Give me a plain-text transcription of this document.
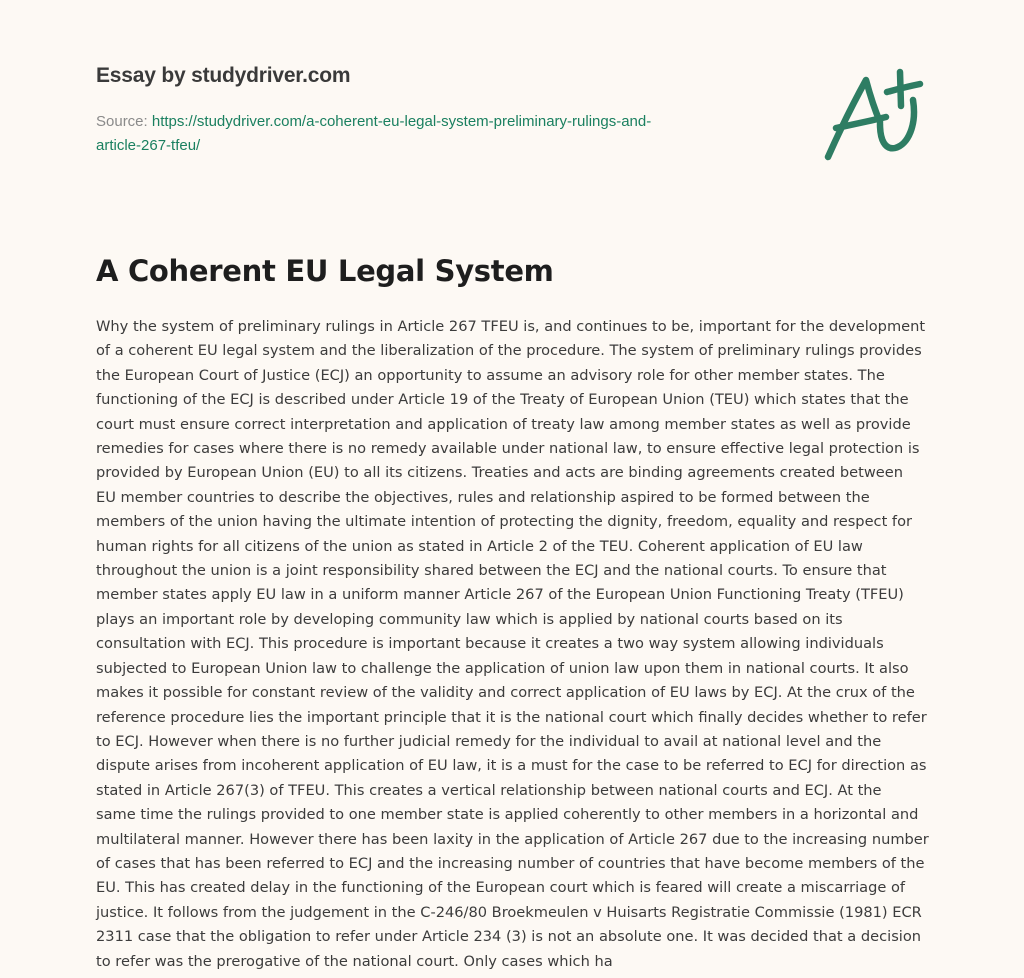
Essay by studydriver.com
Source: https://studydriver.com/a-coherent-eu-legal-system-preliminary-rulings-and-
article-267-tfeu/
A Coherent EU Legal System
Why the system of preliminary rulings in Article 267 TFEU is, and continues to be, important for the development
of a coherent EU legal system and the liberalization of the procedure. The system of preliminary rulings provides
the European Court of Justice (ECJ) an opportunity to assume an advisory role for other member states. The
functioning of the ECJ is described under Article 19 of the Treaty of European Union (TEU) which states that the
court must ensure correct interpretation and application of treaty law among member states as well as provide
remedies for cases where there is no remedy available under national law, to ensure effective legal protection is
provided by European Union (EU) to all its citizens. Treaties and acts are binding agreements created between
EU member countries to describe the objectives, rules and relationship aspired to be formed between the
members of the union having the ultimate intention of protecting the dignity, freedom, equality and respect for
human rights for all citizens of the union as stated in Article 2 of the TEU. Coherent application of EU law
throughout the union is a joint responsibility shared between the ECJ and the national courts. To ensure that
member states apply EU law in a uniform manner Article 267 of the European Union Functioning Treaty (TFEU)
plays an important role by developing community law which is applied by national courts based on its
consultation with ECJ. This procedure is important because it creates a two way system allowing individuals
subjected to European Union law to challenge the application of union law upon them in national courts. It also
makes it possible for constant review of the validity and correct application of EU laws by ECJ. At the crux of the
reference procedure lies the important principle that it is the national court which finally decides whether to refer
to ECJ. However when there is no further judicial remedy for the individual to avail at national level and the
dispute arises from incoherent application of EU law, it is a must for the case to be referred to ECJ for direction as
stated in Article 267(3) of TFEU. This creates a vertical relationship between national courts and ECJ. At the
same time the rulings provided to one member state is applied coherently to other members in a horizontal and
multilateral manner. However there has been laxity in the application of Article 267 due to the increasing number
of cases that has been referred to ECJ and the increasing number of countries that have become members of the
EU. This has created delay in the functioning of the European court which is feared will create a miscarriage of
justice. It follows from the judgement in the C-246/80 Broekmeulen v Huisarts Registratie Commissie (1981) ECR
2311 case that the obligation to refer under Article 234 (3) is not an absolute one. It was decided that a decision
to refer was the prerogative of the national court. Only cases which ha
